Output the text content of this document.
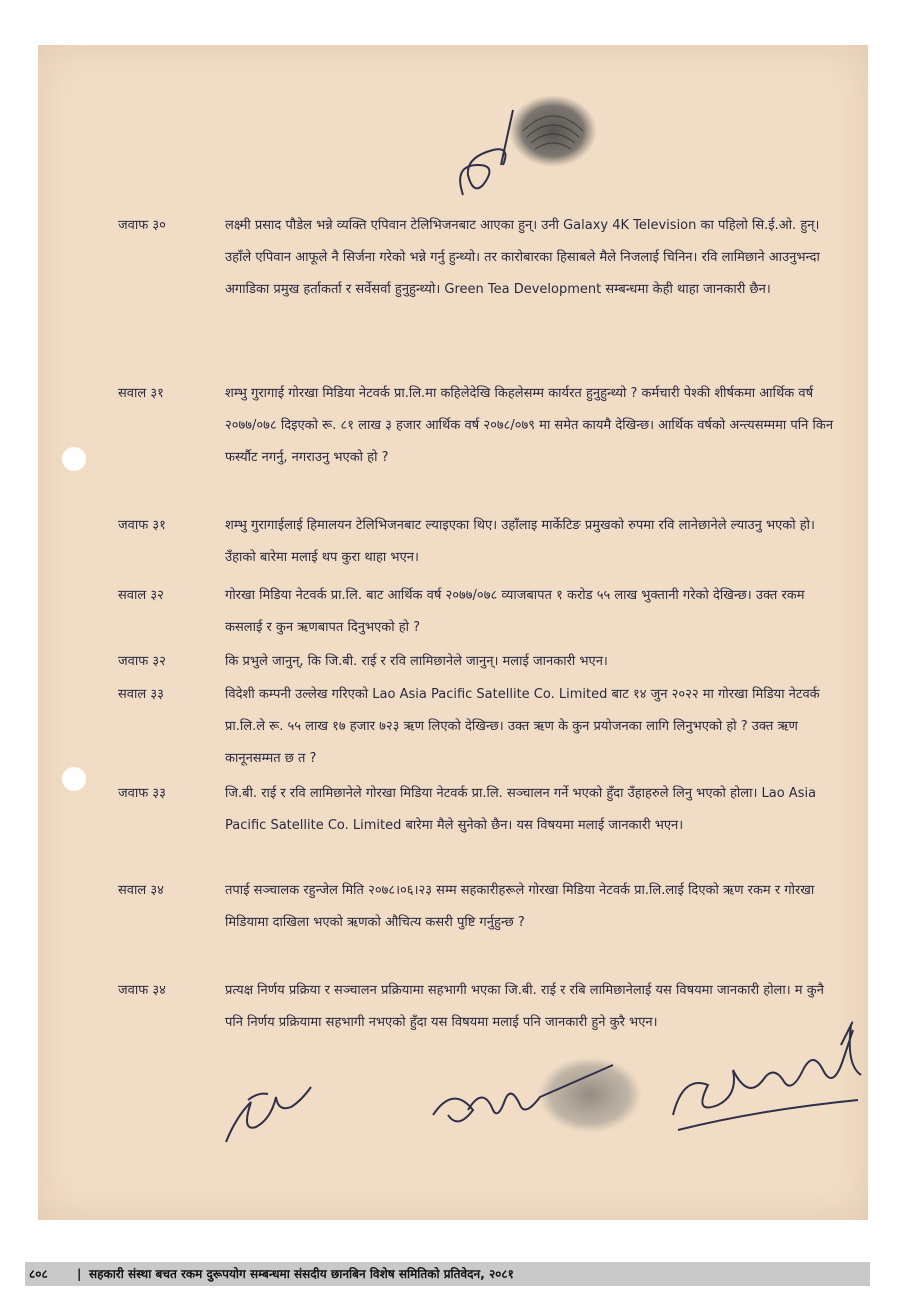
जवाफ ३०	लक्ष्मी प्रसाद पौडेल भन्ने व्यक्ति एपिवान टेलिभिजनबाट आएका हुन्। उनी Galaxy 4K Television का पहिलो सि.ई.ओ. हुन्। उहाँले एपिवान आफूले नै सिर्जना गरेको भन्ने गर्नु हुन्थ्यो। तर कारोबारका हिसाबले मैले निजलाई चिनिन। रवि लामिछाने आउनुभन्दा अगाडिका प्रमुख हर्ताकर्ता र सर्वेसर्वा हुनुहुन्थ्यो। Green Tea Development सम्बन्धमा केही थाहा जानकारी छैन।
सवाल ३१	शम्भु गुरागाई गोरखा मिडिया नेटवर्क प्रा.लि.मा कहिलेदेखि किहलेसम्म कार्यरत हुनुहुन्थ्यो ? कर्मचारी पेश्की शीर्षकमा आर्थिक वर्ष २०७७/०७८ दिइएको रू. ८१ लाख ३ हजार आर्थिक वर्ष २०७८/०७९ मा समेत कायमै देखिन्छ। आर्थिक वर्षको अन्त्यसम्ममा पनि किन फर्स्यौट नगर्नु, नगराउनु भएको हो ?
जवाफ ३१	शम्भु गुरागाईलाई हिमालयन टेलिभिजनबाट ल्याइएका थिए। उहाँलाइ मार्केटिङ प्रमुखको रुपमा रवि लानेछानेले ल्याउनु भएको हो। उँहाको बारेमा मलाई थप कुरा थाहा भएन।
सवाल ३२	गोरखा मिडिया नेटवर्क प्रा.लि. बाट आर्थिक वर्ष २०७७/०७८ व्याजबापत १ करोड ५५ लाख भुक्तानी गरेको देखिन्छ। उक्त रकम कसलाई र कुन ऋणबापत दिनुभएको हो ?
जवाफ ३२	कि प्रभुले जानुन्, कि जि.बी. राई र रवि लामिछानेले जानुन्। मलाई जानकारी भएन।
सवाल ३३	विदेशी कम्पनी उल्लेख गरिएको Lao Asia Pacific Satellite Co. Limited बाट १४ जुन २०२२ मा गोरखा मिडिया नेटवर्क प्रा.लि.ले रू. ५५ लाख १७ हजार ७२३ ऋण लिएको देखिन्छ। उक्त ऋण के कुन प्रयोजनका लागि लिनुभएको हो ? उक्त ऋण कानूनसम्मत छ त ?
जवाफ ३३	जि.बी. राई र रवि लामिछानेले गोरखा मिडिया नेटवर्क प्रा.लि. सञ्चालन गर्ने भएको हुँदा उँहाहरुले लिनु भएको होला। Lao Asia Pacific Satellite Co. Limited बारेमा मैले सुनेको छैन। यस विषयमा मलाई जानकारी भएन।
सवाल ३४	तपाई सञ्चालक रहुन्जेल मिति २०७८।०६।२३ सम्म सहकारीहरूले गोरखा मिडिया नेटवर्क प्रा.लि.लाई दिएको ऋण रकम र गोरखा मिडियामा दाखिला भएको ऋणको औचित्य कसरी पुष्टि गर्नुहुन्छ ?
जवाफ ३४	प्रत्यक्ष निर्णय प्रक्रिया र सञ्चालन प्रक्रियामा सहभागी भएका जि.बी. राई र रबि लामिछानेलाई यस विषयमा जानकारी होला। म कुनै पनि निर्णय प्रक्रियामा सहभागी नभएको हुँदा यस विषयमा मलाई पनि जानकारी हुने कुरै भएन।
८०८ | सहकारी संस्था बचत रकम दुरूपयोग सम्बन्धमा संसदीय छानबिन विशेष समितिको प्रतिवेदन, २०८१
